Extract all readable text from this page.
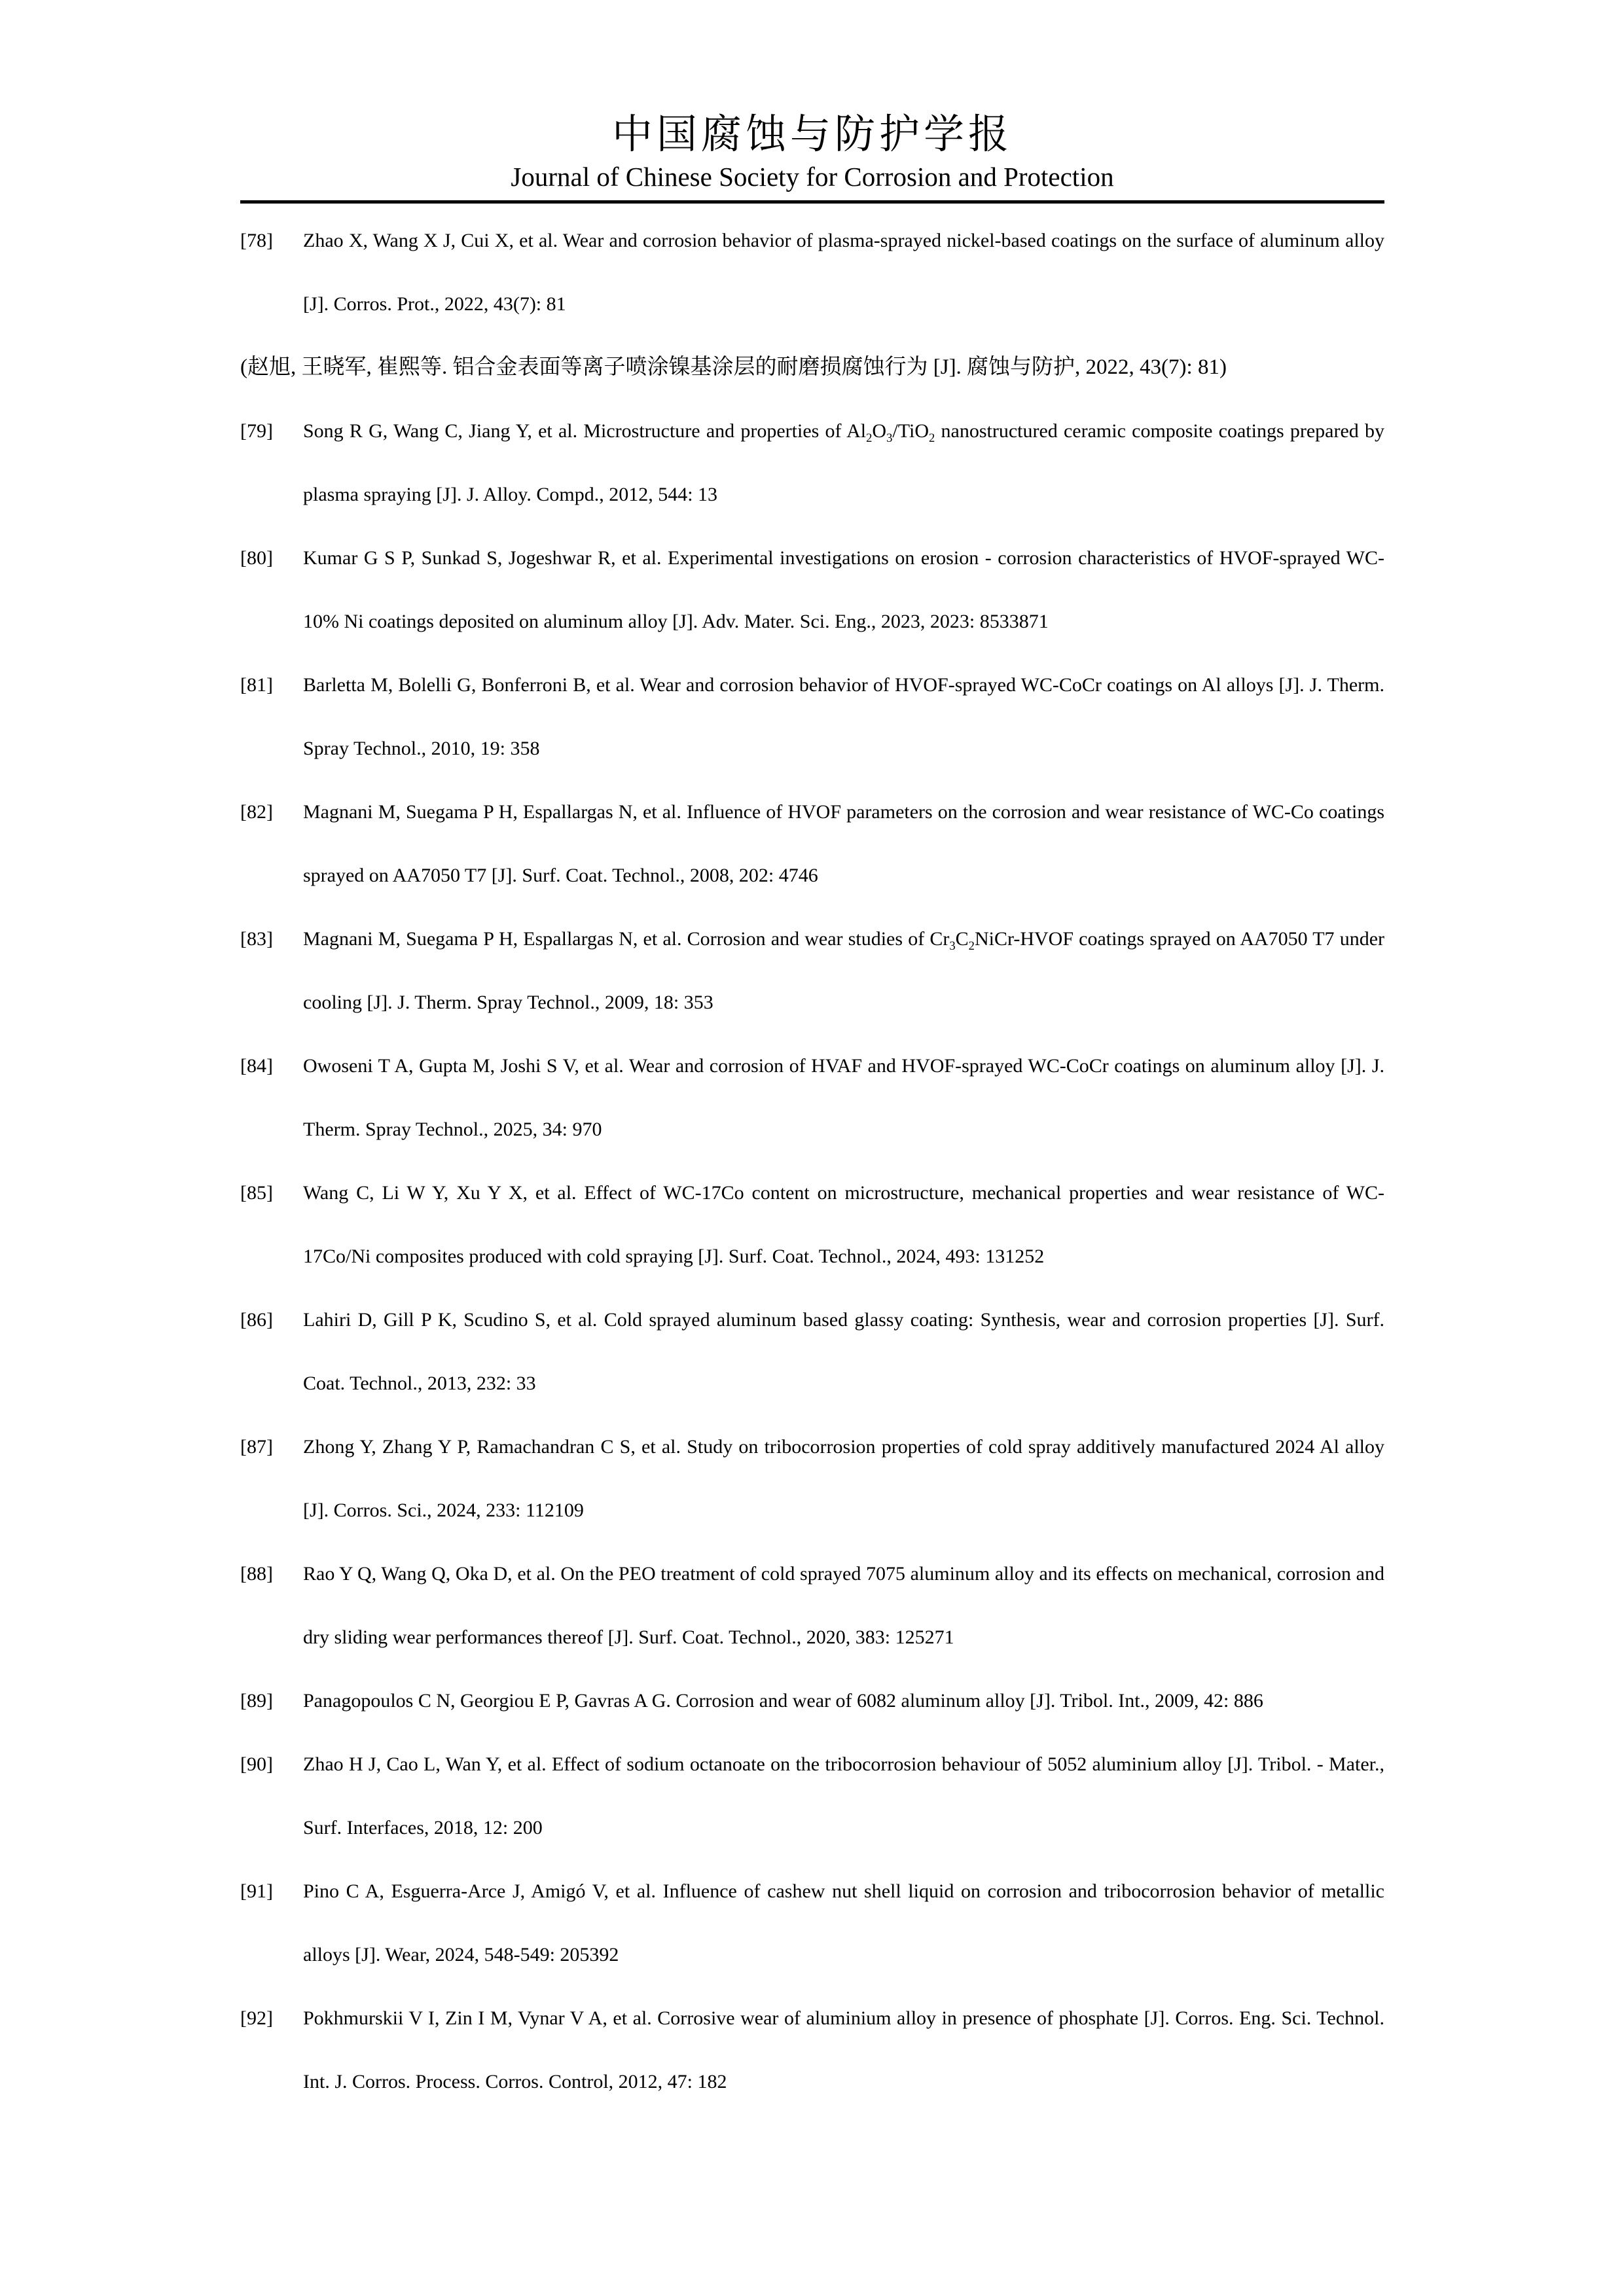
中国腐蚀与防护学报
Journal of Chinese Society for Corrosion and Protection

[78] Zhao X, Wang X J, Cui X, et al. Wear and corrosion behavior of plasma-sprayed nickel-based coatings on the surface of aluminum alloy [J]. Corros. Prot., 2022, 43(7): 81

(赵旭, 王晓军, 崔熙等. 铝合金表面等离子喷涂镍基涂层的耐磨损腐蚀行为 [J]. 腐蚀与防护, 2022, 43(7): 81)

[79] Song R G, Wang C, Jiang Y, et al. Microstructure and properties of $Al_2O_3/TiO_2$ nanostructured ceramic composite coatings prepared by plasma spraying [J]. J. Alloy. Compd., 2012, 544: 13

[80] Kumar G S P, Sunkad S, Jogeshwar R, et al. Experimental investigations on erosion - corrosion characteristics of HVOF-sprayed WC-10% Ni coatings deposited on aluminum alloy [J]. Adv. Mater. Sci. Eng., 2023, 2023: 8533871

[81] Barletta M, Bolelli G, Bonferroni B, et al. Wear and corrosion behavior of HVOF-sprayed WC-CoCr coatings on Al alloys [J]. J. Therm. Spray Technol., 2010, 19: 358

[82] Magnani M, Suegama P H, Espallargas N, et al. Influence of HVOF parameters on the corrosion and wear resistance of WC-Co coatings sprayed on AA7050 T7 [J]. Surf. Coat. Technol., 2008, 202: 4746

[83] Magnani M, Suegama P H, Espallargas N, et al. Corrosion and wear studies of $Cr_3C_2NiCr$-HVOF coatings sprayed on AA7050 T7 under cooling [J]. J. Therm. Spray Technol., 2009, 18: 353

[84] Owoseni T A, Gupta M, Joshi S V, et al. Wear and corrosion of HVAF and HVOF-sprayed WC-CoCr coatings on aluminum alloy [J]. J. Therm. Spray Technol., 2025, 34: 970

[85] Wang C, Li W Y, Xu Y X, et al. Effect of WC-17Co content on microstructure, mechanical properties and wear resistance of WC-17Co/Ni composites produced with cold spraying [J]. Surf. Coat. Technol., 2024, 493: 131252

[86] Lahiri D, Gill P K, Scudino S, et al. Cold sprayed aluminum based glassy coating: Synthesis, wear and corrosion properties [J]. Surf. Coat. Technol., 2013, 232: 33

[87] Zhong Y, Zhang Y P, Ramachandran C S, et al. Study on tribocorrosion properties of cold spray additively manufactured 2024 Al alloy [J]. Corros. Sci., 2024, 233: 112109

[88] Rao Y Q, Wang Q, Oka D, et al. On the PEO treatment of cold sprayed 7075 aluminum alloy and its effects on mechanical, corrosion and dry sliding wear performances thereof [J]. Surf. Coat. Technol., 2020, 383: 125271

[89] Panagopoulos C N, Georgiou E P, Gavras A G. Corrosion and wear of 6082 aluminum alloy [J]. Tribol. Int., 2009, 42: 886

[90] Zhao H J, Cao L, Wan Y, et al. Effect of sodium octanoate on the tribocorrosion behaviour of 5052 aluminium alloy [J]. Tribol. - Mater., Surf. Interfaces, 2018, 12: 200

[91] Pino C A, Esguerra-Arce J, Amigó V, et al. Influence of cashew nut shell liquid on corrosion and tribocorrosion behavior of metallic alloys [J]. Wear, 2024, 548-549: 205392

[92] Pokhmurskii V I, Zin I M, Vynar V A, et al. Corrosive wear of aluminium alloy in presence of phosphate [J]. Corros. Eng. Sci. Technol. Int. J. Corros. Process. Corros. Control, 2012, 47: 182
